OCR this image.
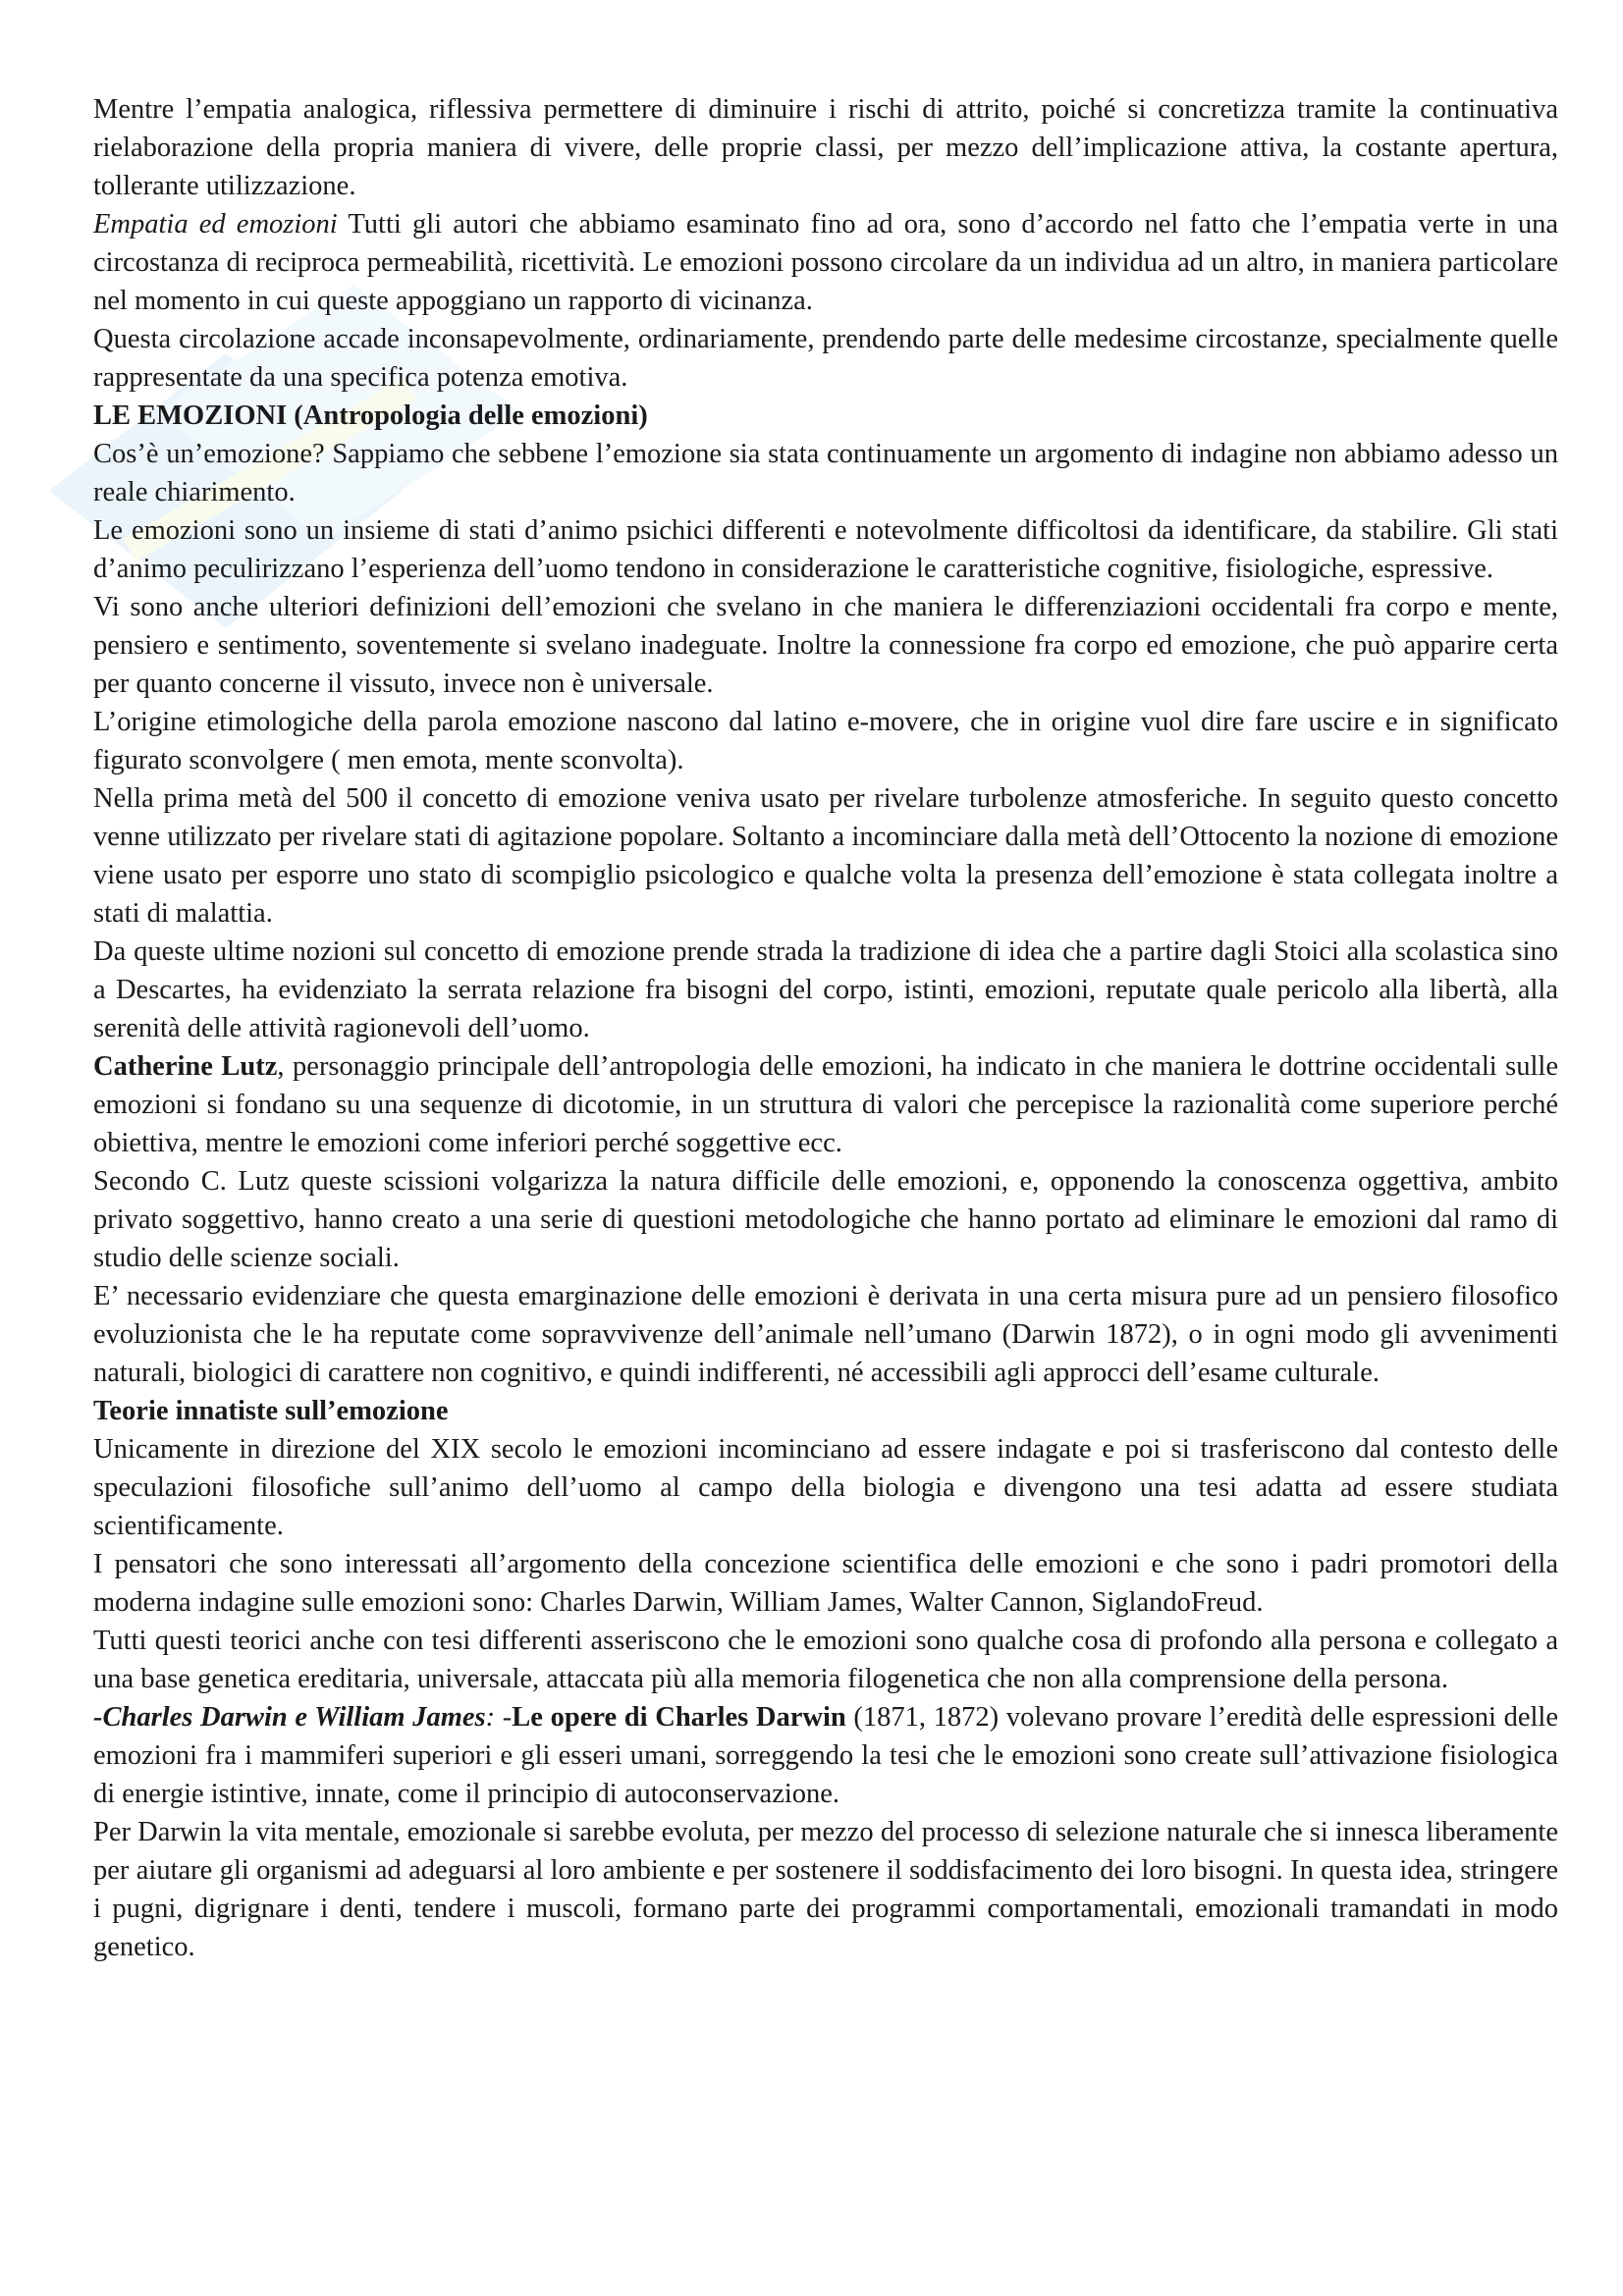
Mentre l’empatia analogica, riflessiva permettere di diminuire i rischi di attrito, poiché si concretizza tramite la continuativa rielaborazione della propria maniera di vivere, delle proprie classi, per mezzo dell’implicazione attiva, la costante apertura, tollerante utilizzazione.

Empatia ed emozioni Tutti gli autori che abbiamo esaminato fino ad ora, sono d’accordo nel fatto che l’empatia verte in una circostanza di reciproca permeabilità, ricettività. Le emozioni possono circolare da un individua ad un altro, in maniera particolare nel momento in cui queste appoggiano un rapporto di vicinanza.

Questa circolazione accade inconsapevolmente, ordinariamente, prendendo parte delle medesime circostanze, specialmente quelle rappresentate da una specifica potenza emotiva.

LE EMOZIONI (Antropologia delle emozioni)

Cos’è un’emozione? Sappiamo che sebbene l’emozione sia stata continuamente un argomento di indagine non abbiamo adesso un reale chiarimento.

Le emozioni sono un insieme di stati d’animo psichici differenti e notevolmente difficoltosi da identificare, da stabilire. Gli stati d’animo peculirizzano l’esperienza dell’uomo tendono in considerazione le caratteristiche cognitive, fisiologiche, espressive.

Vi sono anche ulteriori definizioni dell’emozioni che svelano in che maniera le differenziazioni occidentali fra corpo e mente, pensiero e sentimento, soventemente si svelano inadeguate. Inoltre la connessione fra corpo ed emozione, che può apparire certa per quanto concerne il vissuto, invece non è universale.

L’origine etimologiche della parola emozione nascono dal latino e-movere, che in origine vuol dire fare uscire e in significato figurato sconvolgere ( men emota, mente sconvolta).

Nella prima metà del 500 il concetto di emozione veniva usato per rivelare turbolenze atmosferiche. In seguito questo concetto venne utilizzato per rivelare stati di agitazione popolare. Soltanto a incominciare dalla metà dell’Ottocento la nozione di emozione viene usato per esporre uno stato di scompiglio psicologico e qualche volta la presenza dell’emozione è stata collegata inoltre a stati di malattia.

Da queste ultime nozioni sul concetto di emozione prende strada la tradizione di idea che a partire dagli Stoici alla scolastica sino a Descartes, ha evidenziato la serrata relazione fra bisogni del corpo, istinti, emozioni, reputate quale pericolo alla libertà, alla serenità delle attività ragionevoli dell’uomo.

Catherine Lutz, personaggio principale dell’antropologia delle emozioni, ha indicato in che maniera le dottrine occidentali sulle emozioni si fondano su una sequenze di dicotomie, in un struttura di valori che percepisce la razionalità come superiore perché obiettiva, mentre le emozioni come inferiori perché soggettive ecc.

Secondo C. Lutz queste scissioni volgarizza la natura difficile delle emozioni, e, opponendo la conoscenza oggettiva, ambito privato soggettivo, hanno creato a una serie di questioni metodologiche che hanno portato ad eliminare le emozioni dal ramo di studio delle scienze sociali.

E’ necessario evidenziare che questa emarginazione delle emozioni è derivata in una certa misura pure ad un pensiero filosofico evoluzionista che le ha reputate come sopravvivenze dell’animale nell’umano (Darwin 1872), o in ogni modo gli avvenimenti naturali, biologici di carattere non cognitivo, e quindi indifferenti, né accessibili agli approcci dell’esame culturale.

Teorie innatiste sull’emozione

Unicamente in direzione del XIX secolo le emozioni incominciano ad essere indagate e poi si trasferiscono dal contesto delle speculazioni filosofiche sull’animo dell’uomo al campo della biologia e divengono una tesi adatta ad essere studiata scientificamente.

I pensatori che sono interessati all’argomento della concezione scientifica delle emozioni e che sono i padri promotori della moderna indagine sulle emozioni sono: Charles Darwin, William James, Walter Cannon, SiglandoFreud.

Tutti questi teorici anche con tesi differenti asseriscono che le emozioni sono qualche cosa di profondo alla persona e collegato a una base genetica ereditaria, universale, attaccata più alla memoria filogenetica che non alla comprensione della persona.

-Charles Darwin e William James: -Le opere di Charles Darwin (1871, 1872) volevano provare l’eredità delle espressioni delle emozioni fra i mammiferi superiori e gli esseri umani, sorreggendo la tesi che le emozioni sono create sull’attivazione fisiologica di energie istintive, innate, come il principio di autoconservazione.

Per Darwin la vita mentale, emozionale si sarebbe evoluta, per mezzo del processo di selezione naturale che si innesca liberamente per aiutare gli organismi ad adeguarsi al loro ambiente e per sostenere il soddisfacimento dei loro bisogni. In questa idea, stringere i pugni, digrignare i denti, tendere i muscoli, formano parte dei programmi comportamentali, emozionali tramandati in modo genetico.
